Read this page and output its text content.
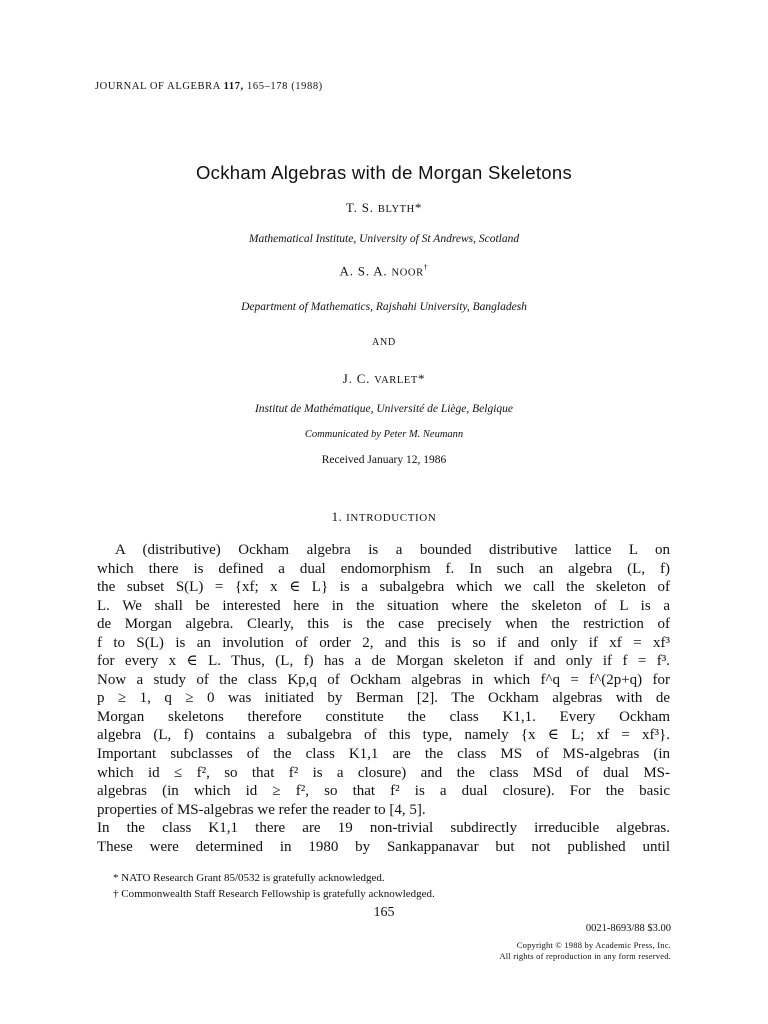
JOURNAL OF ALGEBRA 117, 165–178 (1988)
Ockham Algebras with de Morgan Skeletons
T. S. BLYTH*
Mathematical Institute, University of St Andrews, Scotland
A. S. A. NOOR†
Department of Mathematics, Rajshahi University, Bangladesh
AND
J. C. VARLET*
Institut de Mathématique, Université de Liège, Belgique
Communicated by Peter M. Neumann
Received January 12, 1986
1. INTRODUCTION

A (distributive) Ockham algebra is a bounded distributive lattice L on

which there is defined a dual endomorphism f. In such an algebra (L, f)

the subset S(L) = {xf; x ∈ L} is a subalgebra which we call the skeleton of

L. We shall be interested here in the situation where the skeleton of L is a

de Morgan algebra. Clearly, this is the case precisely when the restriction of

f to S(L) is an involution of order 2, and this is so if and only if xf = xf³

for every x ∈ L. Thus, (L, f) has a de Morgan skeleton if and only if f = f³.

Now a study of the class Kp,q of Ockham algebras in which f^q = f^(2p+q) for

p ≥ 1, q ≥ 0 was initiated by Berman [2]. The Ockham algebras with de

Morgan skeletons therefore constitute the class K1,1. Every Ockham

algebra (L, f) contains a subalgebra of this type, namely {x ∈ L; xf = xf³}.

Important subclasses of the class K1,1 are the class MS of MS-algebras (in

which id ≤ f², so that f² is a closure) and the class MSd of dual MS-

algebras (in which id ≥ f², so that f² is a dual closure). For the basic

properties of MS-algebras we refer the reader to [4, 5].

In the class K1,1 there are 19 non-trivial subdirectly irreducible algebras.

These were determined in 1980 by Sankappanavar but not published until

* NATO Research Grant 85/0532 is gratefully acknowledged.
† Commonwealth Staff Research Fellowship is gratefully acknowledged.
165
0021-8693/88 $3.00
Copyright © 1988 by Academic Press, Inc.
All rights of reproduction in any form reserved.
